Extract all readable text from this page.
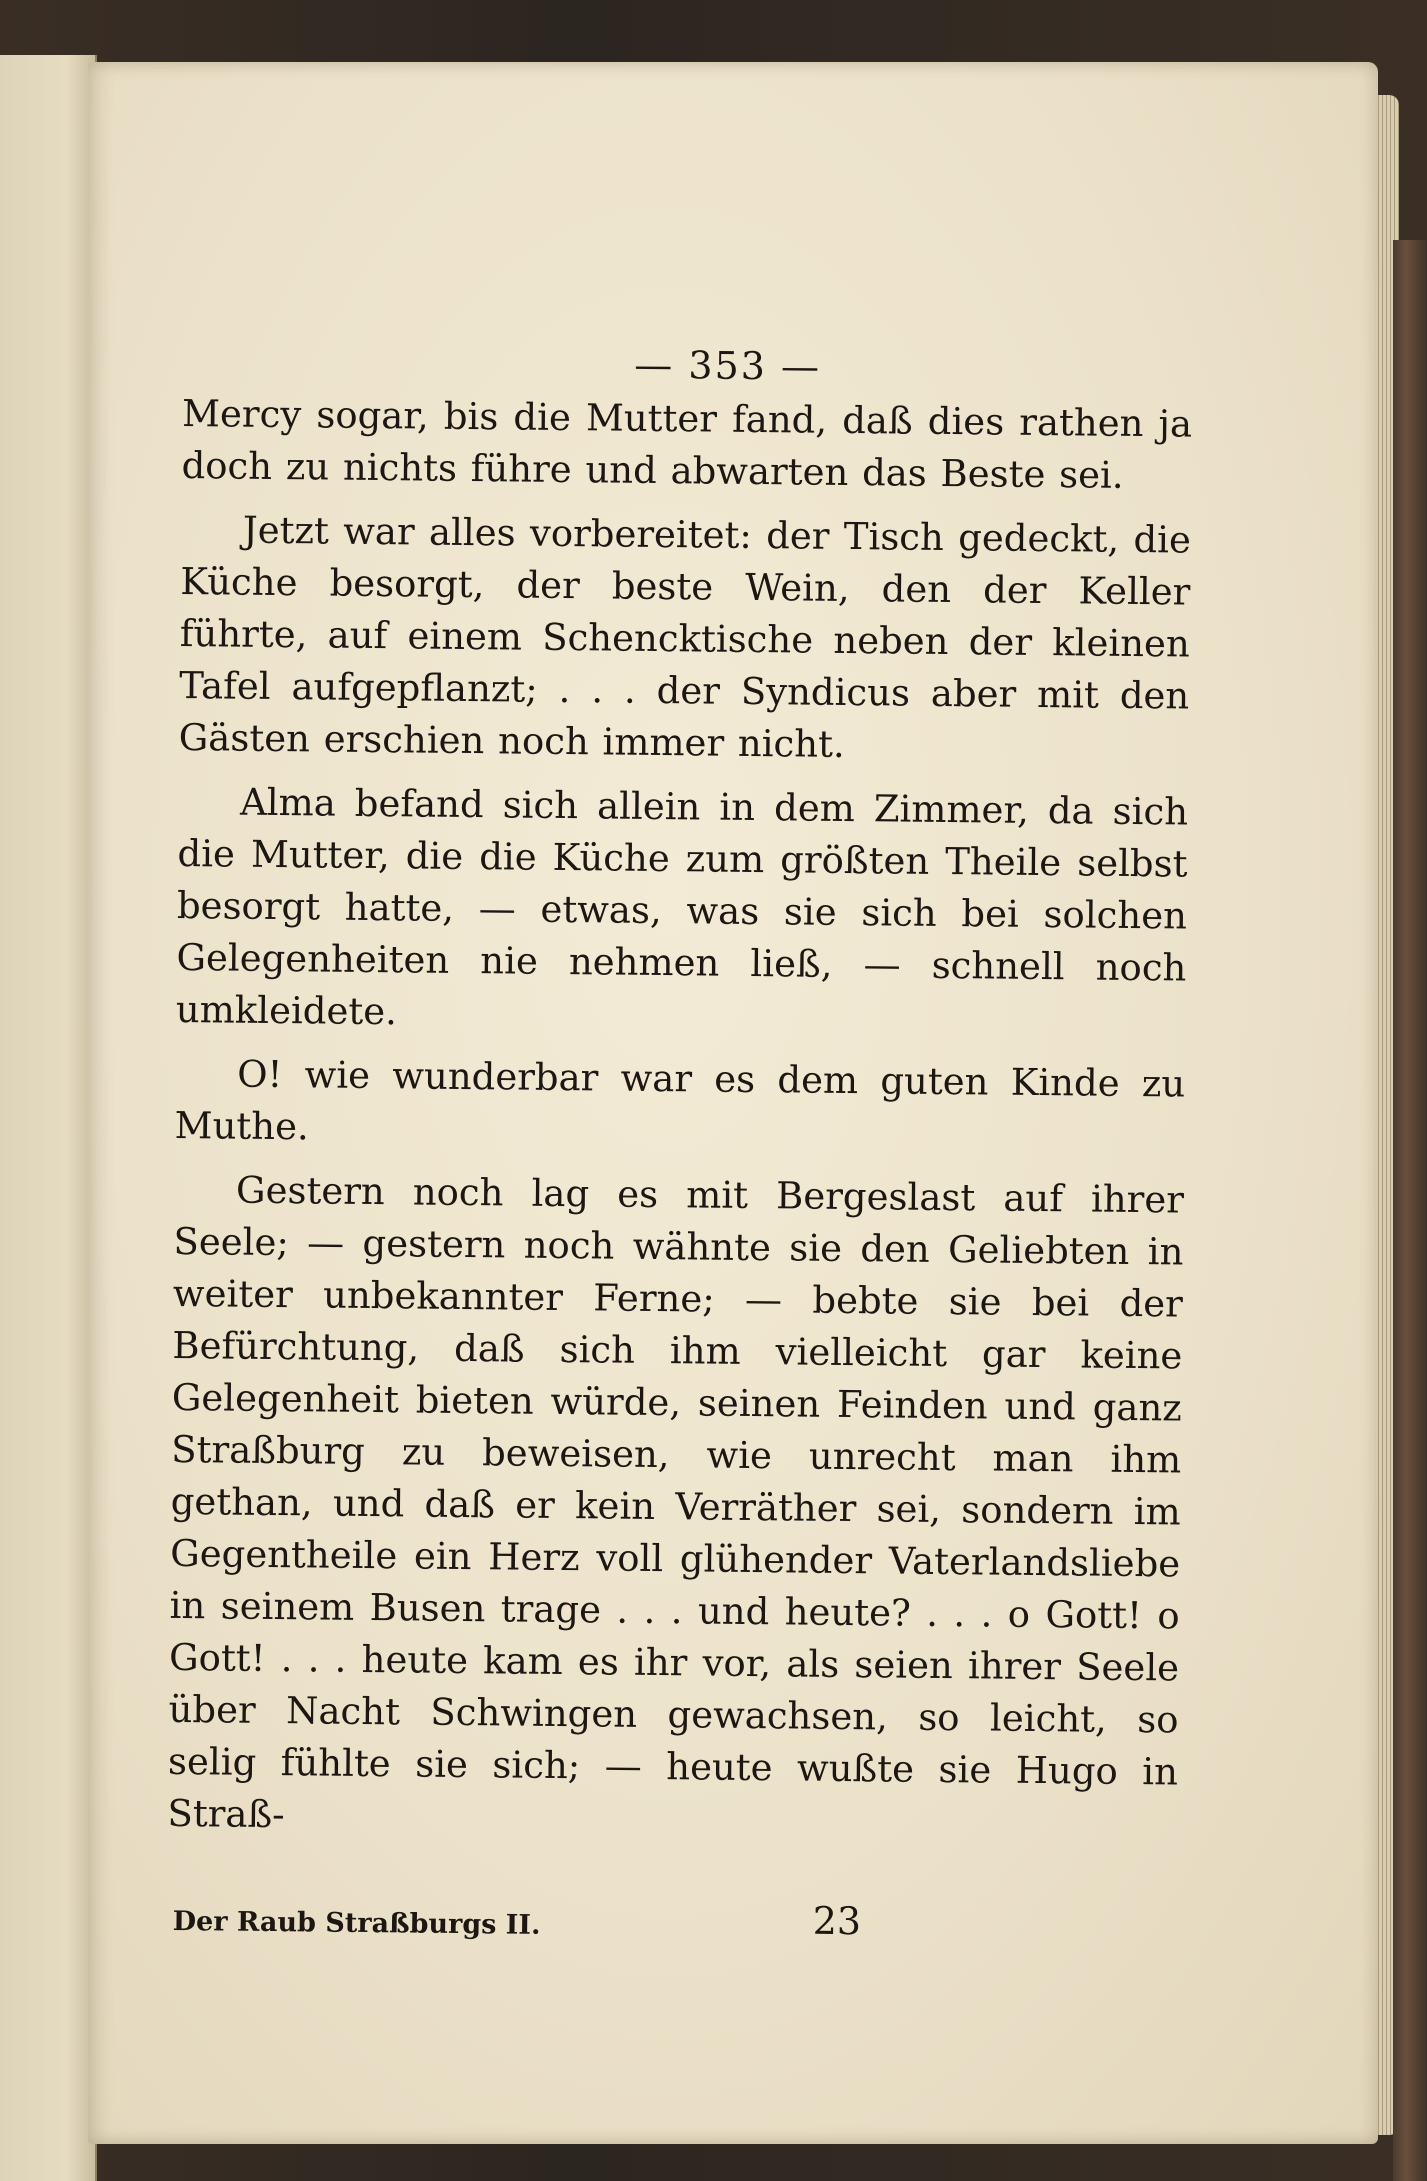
— 353 —

Mercy sogar, bis die Mutter fand, daß dies rathen ja doch zu nichts führe und abwarten das Beste sei.

Jetzt war alles vorbereitet: der Tisch gedeckt, die Küche besorgt, der beste Wein, den der Keller führte, auf einem Schencktische neben der kleinen Tafel aufgepflanzt; . . . der Syndicus aber mit den Gästen erschien noch immer nicht.

Alma befand sich allein in dem Zimmer, da sich die Mutter, die die Küche zum größten Theile selbst besorgt hatte, — etwas, was sie sich bei solchen Gelegenheiten nie nehmen ließ, — schnell noch umkleidete.

O! wie wunderbar war es dem guten Kinde zu Muthe.

Gestern noch lag es mit Bergeslast auf ihrer Seele; — gestern noch wähnte sie den Geliebten in weiter unbekannter Ferne; — bebte sie bei der Befürchtung, daß sich ihm vielleicht gar keine Gelegenheit bieten würde, seinen Feinden und ganz Straßburg zu beweisen, wie unrecht man ihm gethan, und daß er kein Verräther sei, sondern im Gegentheile ein Herz voll glühender Vaterlandsliebe in seinem Busen trage . . . und heute? . . . o Gott! o Gott! . . . heute kam es ihr vor, als seien ihrer Seele über Nacht Schwingen gewachsen, so leicht, so selig fühlte sie sich; — heute wußte sie Hugo in Straß-

Der Raub Straßburgs II.	23
